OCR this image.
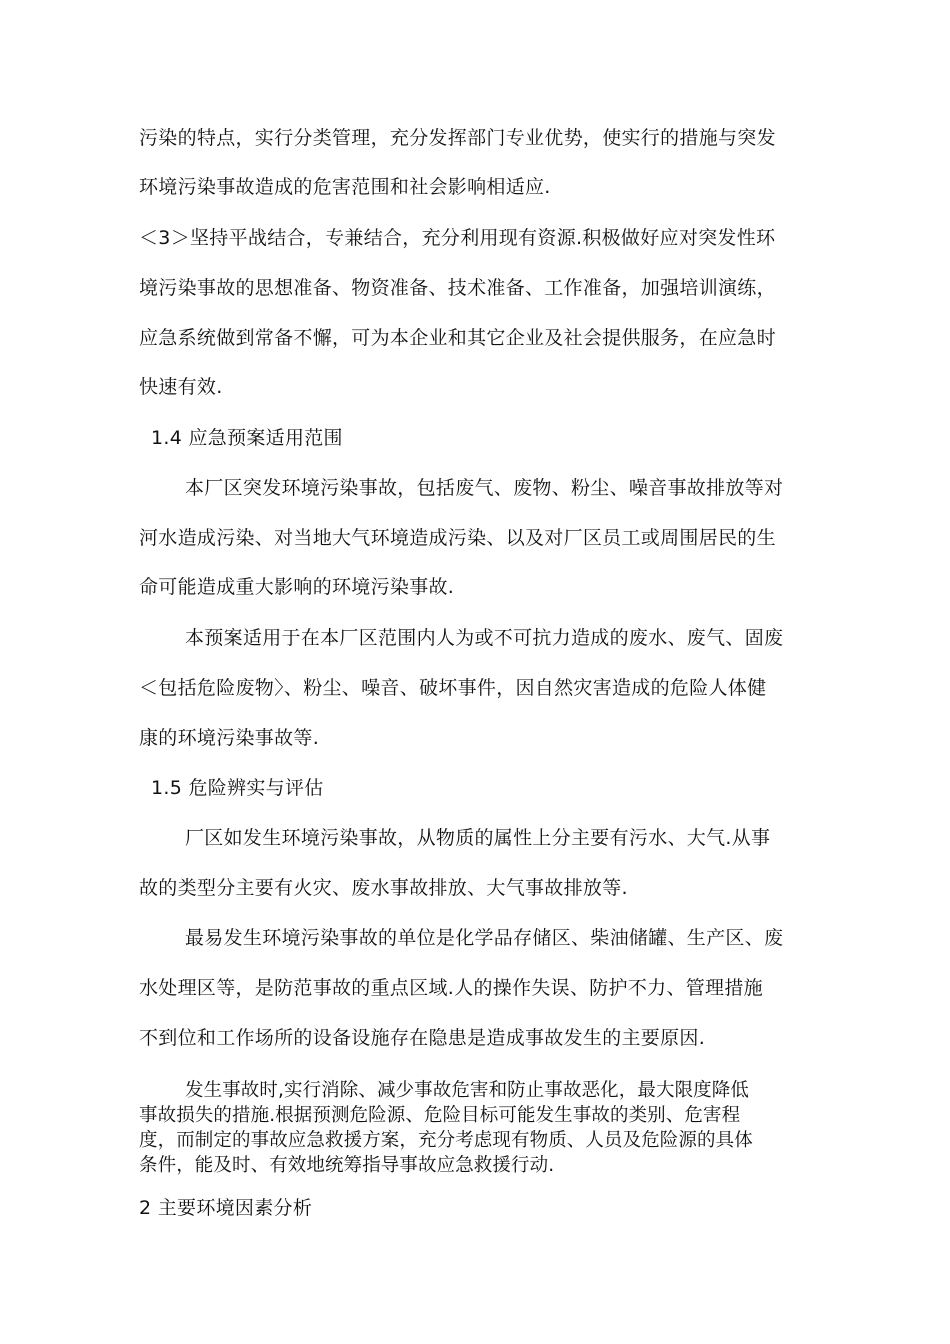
污染的特点，实行分类管理，充分发挥部门专业优势，使实行的措施与突发
环境污染事故造成的危害范围和社会影响相适应.
＜3＞坚持平战结合，专兼结合，充分利用现有资源.积极做好应对突发性环
境污染事故的思想准备、物资准备、技术准备、工作准备，加强培训演练，
应急系统做到常备不懈，可为本企业和其它企业及社会提供服务，在应急时
快速有效.
1.4 应急预案适用范围
本厂区突发环境污染事故，包括废气、废物、粉尘、噪音事故排放等对
河水造成污染、对当地大气环境造成污染、以及对厂区员工或周围居民的生
命可能造成重大影响的环境污染事故.
本预案适用于在本厂区范围内人为或不可抗力造成的废水、废气、固废
＜包括危险废物〉、粉尘、噪音、破坏事件，因自然灾害造成的危险人体健
康的环境污染事故等.
1.5 危险辨实与评估
厂区如发生环境污染事故，从物质的属性上分主要有污水、大气.从事
故的类型分主要有火灾、废水事故排放、大气事故排放等.
最易发生环境污染事故的单位是化学品存储区、柴油储罐、生产区、废
水处理区等，是防范事故的重点区域.人的操作失误、防护不力、管理措施
不到位和工作场所的设备设施存在隐患是造成事故发生的主要原因.
发生事故时,实行消除、减少事故危害和防止事故恶化，最大限度降低
事故损失的措施.根据预测危险源、危险目标可能发生事故的类别、危害程
度，而制定的事故应急救援方案，充分考虑现有物质、人员及危险源的具体
条件，能及时、有效地统筹指导事故应急救援行动.
2 主要环境因素分析
